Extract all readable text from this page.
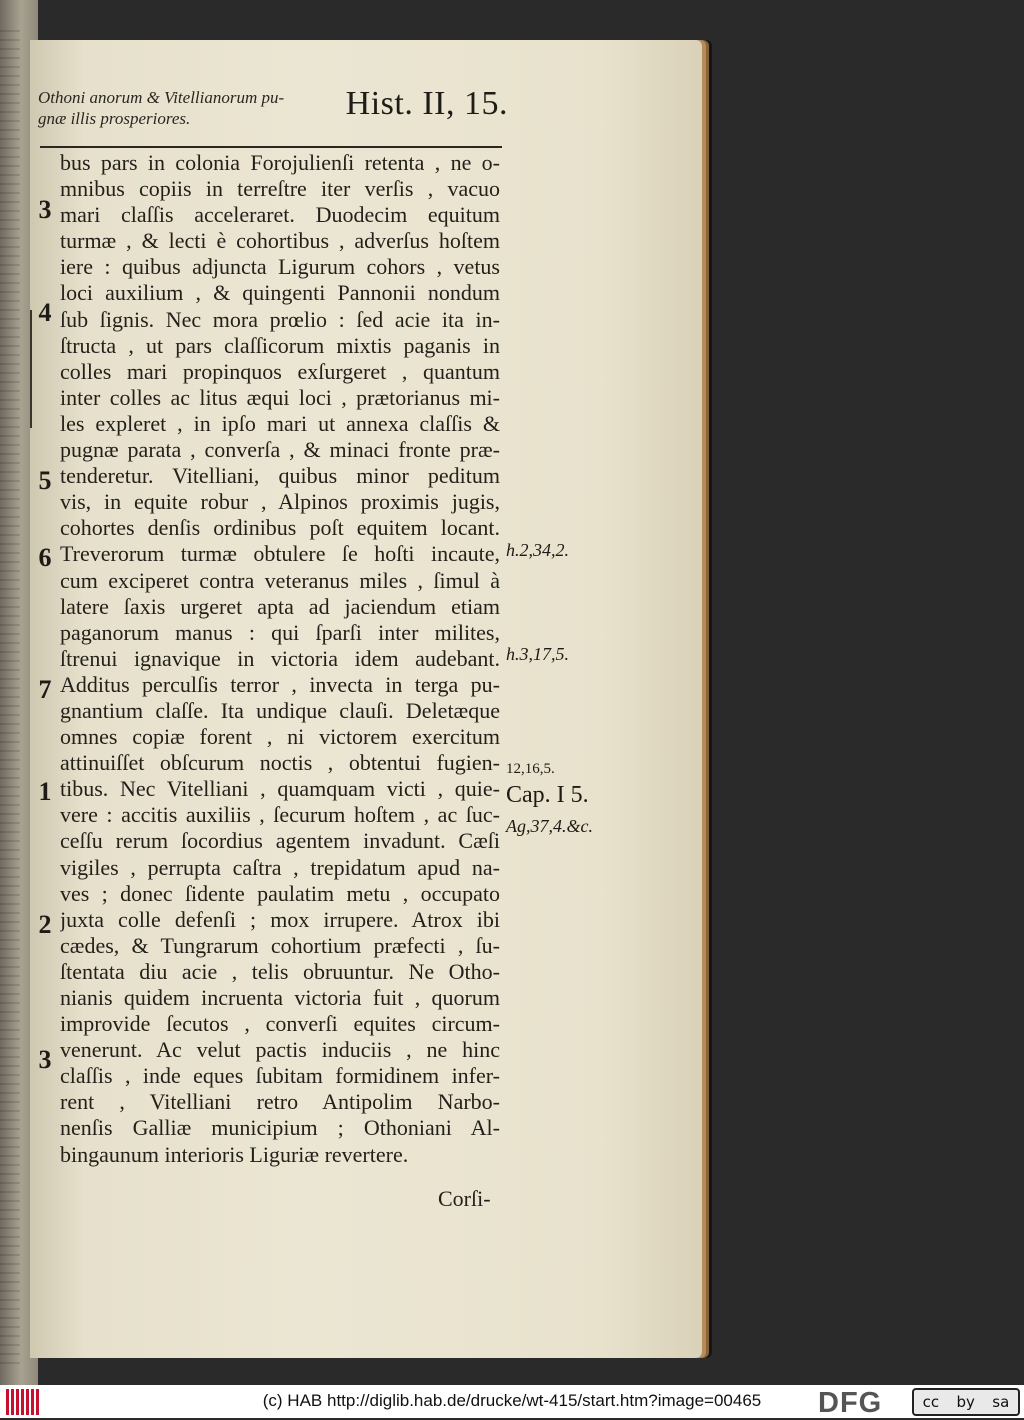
Othoni anorum & Vitellianorum pu-
gnæ illis prosperiores.	Hist. II, 15.
bus pars in colonia Forojulienſi retenta , ne o-
mnibus copiis in terreſtre iter verſis , vacuo
mari claſſis acceleraret. Duodecim equitum
turmæ , & lecti è cohortibus , adverſus hoſtem
iere : quibus adjuncta Ligurum cohors , vetus
loci auxilium , & quingenti Pannonii nondum
ſub ſignis. Nec mora prœlio : ſed acie ita in-
ſtructa , ut pars claſſicorum mixtis paganis in
colles mari propinquos exſurgeret , quantum
inter colles ac litus æqui loci , prætorianus mi-
les expleret , in ipſo mari ut annexa claſſis &
pugnæ parata , converſa , & minaci fronte præ-
tenderetur. Vitelliani, quibus minor peditum
vis, in equite robur , Alpinos proximis jugis,
cohortes denſis ordinibus poſt equitem locant.
Treverorum turmæ obtulere ſe hoſti incaute,
cum exciperet contra veteranus miles , ſimul à
latere ſaxis urgeret apta ad jaciendum etiam
paganorum manus : qui ſparſi inter milites,
ſtrenui ignavique in victoria idem audebant.
Additus perculſis terror , invecta in terga pu-
gnantium claſſe. Ita undique clauſi. Deletæque
omnes copiæ forent , ni victorem exercitum
attinuiſſet obſcurum noctis , obtentui fugien-
tibus. Nec Vitelliani , quamquam victi , quie-
vere : accitis auxiliis , ſecurum hoſtem , ac ſuc-
ceſſu rerum ſocordius agentem invadunt. Cæſi
vigiles , perrupta caſtra , trepidatum apud na-
ves ; donec ſidente paulatim metu , occupato
juxta colle defenſi ; mox irrupere. Atrox ibi
cædes, & Tungrarum cohortium præfecti , ſu-
ſtentata diu acie , telis obruuntur. Ne Otho-
nianis quidem incruenta victoria fuit , quorum
improvide ſecutos , converſi equites circum-
venerunt. Ac velut pactis induciis , ne hinc
claſſis , inde eques ſubitam formidinem infer-
rent , Vitelliani retro Antipolim Narbo-
nenſis Galliæ municipium ; Othoniani Al-
bingaunum interioris Liguriæ revertere.
Corſi-
3
4
5
6
7
1
2
3
h.2,34,2.
h.3,17,5.
12,16,5.
Cap. I 5.
Ag,37,4.&c.
(c) HAB http://diglib.hab.de/drucke/wt-415/start.htm?image=00465	DFG	cc by sa
